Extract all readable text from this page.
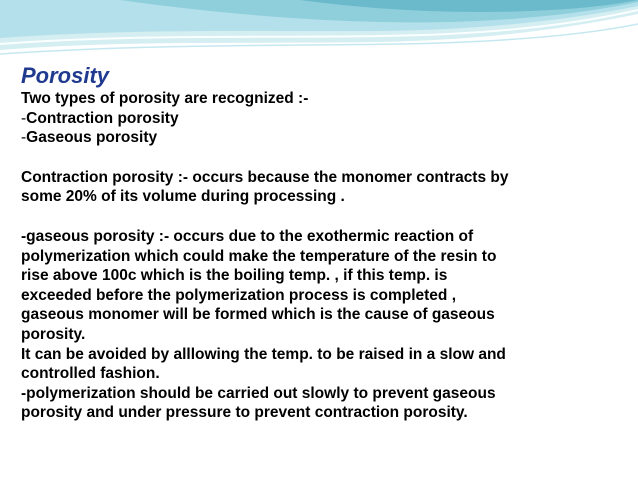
Porosity
Two types of porosity are recognized :-
-Contraction porosity
-Gaseous porosity
Contraction porosity :- occurs because the monomer contracts by
some 20% of its volume during processing .
-gaseous porosity :- occurs due to the exothermic reaction of
polymerization which could make the temperature of the resin to
rise above 100c which is the boiling temp. , if this temp. is
exceeded before the polymerization process is completed ,
gaseous monomer will be formed which is the cause of gaseous
porosity.
It can be avoided by alllowing the temp. to be raised in a slow and
controlled fashion.
-polymerization should be carried out slowly to prevent gaseous
porosity and under pressure to prevent contraction porosity.
